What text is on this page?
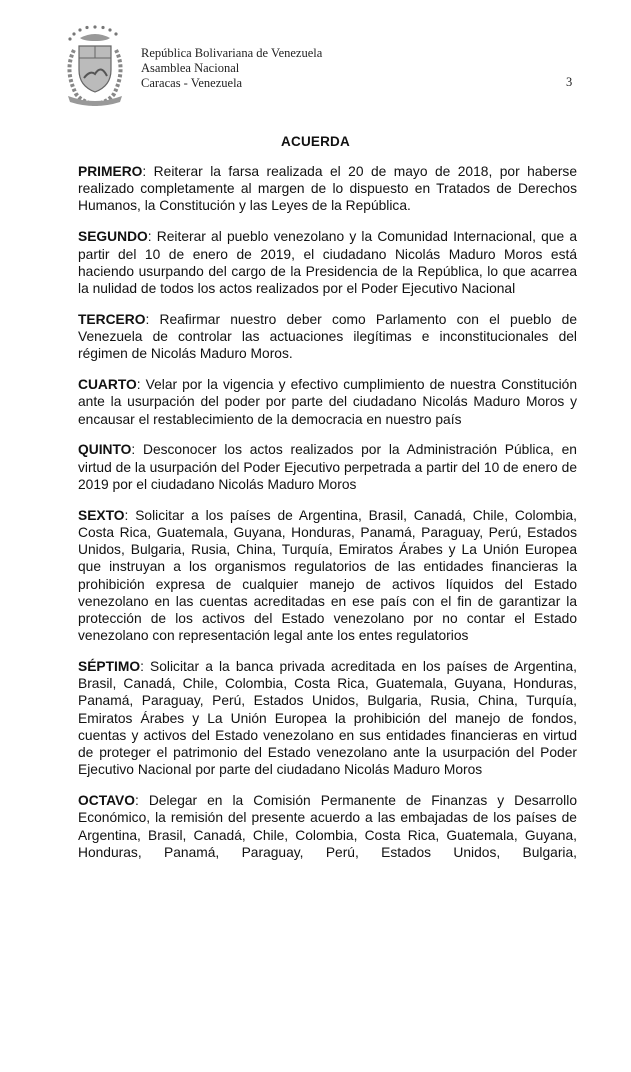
República Bolivariana de Venezuela
Asamblea Nacional
Caracas - Venezuela	3
ACUERDA

PRIMERO: Reiterar la farsa realizada el 20 de mayo de 2018, por haberse realizado completamente al margen de lo dispuesto en Tratados de Derechos Humanos, la Constitución y las Leyes de la República.

SEGUNDO: Reiterar al pueblo venezolano y la Comunidad Internacional, que a partir del 10 de enero de 2019, el ciudadano Nicolás Maduro Moros está haciendo usurpando del cargo de la Presidencia de la República, lo que acarrea la nulidad de todos los actos realizados por el Poder Ejecutivo Nacional

TERCERO: Reafirmar nuestro deber como Parlamento con el pueblo de Venezuela de controlar las actuaciones ilegítimas e inconstitucionales del régimen de Nicolás Maduro Moros.

CUARTO: Velar por la vigencia y efectivo cumplimiento de nuestra Constitución ante la usurpación del poder por parte del ciudadano Nicolás Maduro Moros y encausar el restablecimiento de la democracia en nuestro país

QUINTO: Desconocer los actos realizados por la Administración Pública, en virtud de la usurpación del Poder Ejecutivo perpetrada a partir del 10 de enero de 2019 por el ciudadano Nicolás Maduro Moros

SEXTO: Solicitar a los países de Argentina, Brasil, Canadá, Chile, Colombia, Costa Rica, Guatemala, Guyana, Honduras, Panamá, Paraguay, Perú, Estados Unidos, Bulgaria, Rusia, China, Turquía, Emiratos Árabes y La Unión Europea que instruyan a los organismos regulatorios de las entidades financieras la prohibición expresa de cualquier manejo de activos líquidos del Estado venezolano en las cuentas acreditadas en ese país con el fin de garantizar la protección de los activos del Estado venezolano por no contar el Estado venezolano con representación legal ante los entes regulatorios

SÉPTIMO: Solicitar a la banca privada acreditada en los países de Argentina, Brasil, Canadá, Chile, Colombia, Costa Rica, Guatemala, Guyana, Honduras, Panamá, Paraguay, Perú, Estados Unidos, Bulgaria, Rusia, China, Turquía, Emiratos Árabes y La Unión Europea la prohibición del manejo de fondos, cuentas y activos del Estado venezolano en sus entidades financieras en virtud de proteger el patrimonio del Estado venezolano ante la usurpación del Poder Ejecutivo Nacional por parte del ciudadano Nicolás Maduro Moros

OCTAVO: Delegar en la Comisión Permanente de Finanzas y Desarrollo Económico, la remisión del presente acuerdo a las embajadas de los países de Argentina, Brasil, Canadá, Chile, Colombia, Costa Rica, Guatemala, Guyana, Honduras, Panamá, Paraguay, Perú, Estados Unidos, Bulgaria,
